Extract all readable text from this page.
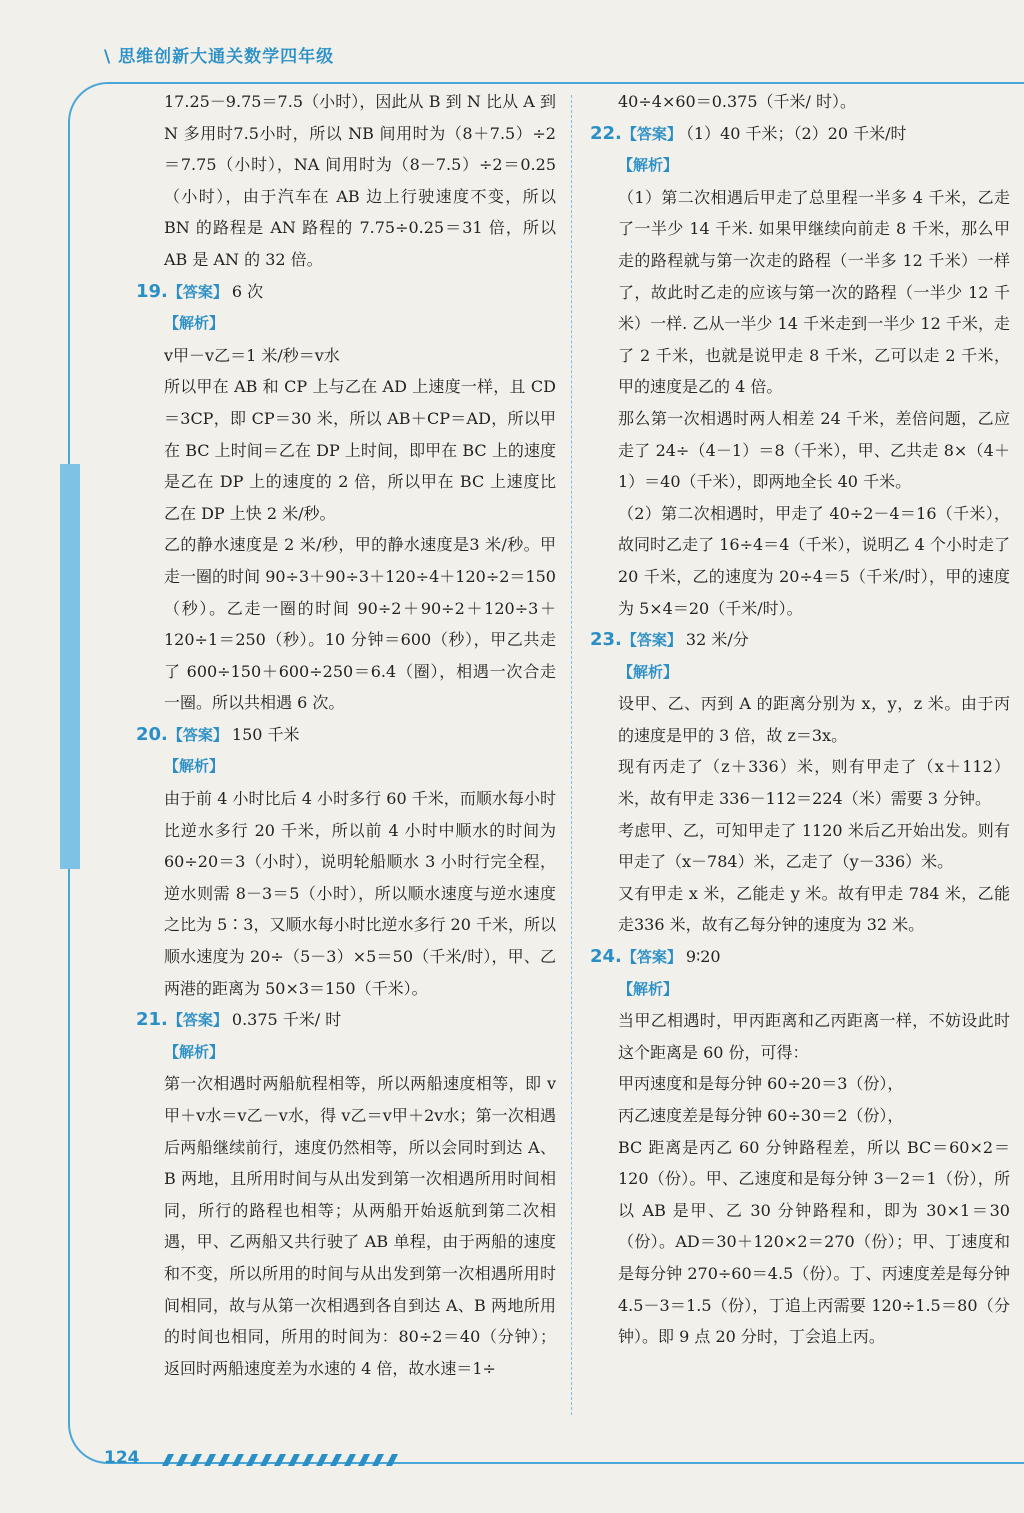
\ 思维创新大通关数学四年级

17.25－9.75＝7.5（小时），因此从 B 到 N 比从 A 到 N 多用时7.5小时，所以 NB 间用时为（8＋7.5）÷2＝7.75（小时），NA 间用时为（8－7.5）÷2＝0.25（小时），由于汽车在 AB 边上行驶速度不变，所以 BN 的路程是 AN 路程的 7.75÷0.25＝31 倍，所以 AB 是 AN 的 32 倍。

19.【答案】 6 次

【解析】

v甲－v乙＝1 米/秒＝v水

所以甲在 AB 和 CP 上与乙在 AD 上速度一样，且 CD＝3CP，即 CP＝30 米，所以 AB＋CP＝AD，所以甲在 BC 上时间＝乙在 DP 上时间，即甲在 BC 上的速度是乙在 DP 上的速度的 2 倍，所以甲在 BC 上速度比乙在 DP 上快 2 米/秒。

乙的静水速度是 2 米/秒，甲的静水速度是3 米/秒。甲走一圈的时间 90÷3＋90÷3＋120÷4＋120÷2＝150（秒）。乙走一圈的时间 90÷2＋90÷2＋120÷3＋120÷1＝250（秒）。10 分钟＝600（秒），甲乙共走了 600÷150＋600÷250＝6.4（圈），相遇一次合走一圈。所以共相遇 6 次。

20.【答案】 150 千米

【解析】

由于前 4 小时比后 4 小时多行 60 千米，而顺水每小时比逆水多行 20 千米，所以前 4 小时中顺水的时间为 60÷20＝3（小时），说明轮船顺水 3 小时行完全程，逆水则需 8－3＝5（小时），所以顺水速度与逆水速度之比为 5∶3，又顺水每小时比逆水多行 20 千米，所以顺水速度为 20÷（5－3）×5＝50（千米/时），甲、乙两港的距离为 50×3＝150（千米）。

21.【答案】 0.375 千米/ 时

【解析】

第一次相遇时两船航程相等，所以两船速度相等，即 v甲＋v水＝v乙－v水，得 v乙＝v甲＋2v水；第一次相遇后两船继续前行，速度仍然相等，所以会同时到达 A、B 两地，且所用时间与从出发到第一次相遇所用时间相同，所行的路程也相等；从两船开始返航到第二次相遇，甲、乙两船又共行驶了 AB 单程，由于两船的速度和不变，所以所用的时间与从出发到第一次相遇所用时间相同，故与从第一次相遇到各自到达 A、B 两地所用的时间也相同，所用的时间为：80÷2＝40（分钟）；返回时两船速度差为水速的 4 倍，故水速＝1÷

40÷4×60＝0.375（千米/ 时）。

22.【答案】 （1）40 千米；（2）20 千米/时

【解析】

（1）第二次相遇后甲走了总里程一半多 4 千米，乙走了一半少 14 千米. 如果甲继续向前走 8 千米，那么甲走的路程就与第一次走的路程（一半多 12 千米）一样了，故此时乙走的应该与第一次的路程（一半少 12 千米）一样. 乙从一半少 14 千米走到一半少 12 千米，走了 2 千米，也就是说甲走 8 千米，乙可以走 2 千米，甲的速度是乙的 4 倍。

那么第一次相遇时两人相差 24 千米，差倍问题，乙应走了 24÷（4－1）＝8（千米），甲、乙共走 8×（4＋1）＝40（千米），即两地全长 40 千米。

（2）第二次相遇时，甲走了 40÷2－4＝16（千米），故同时乙走了 16÷4＝4（千米），说明乙 4 个小时走了 20 千米，乙的速度为 20÷4＝5（千米/时），甲的速度为 5×4＝20（千米/时）。

23.【答案】 32 米/分

【解析】

设甲、乙、丙到 A 的距离分别为 x，y，z 米。由于丙的速度是甲的 3 倍，故 z＝3x。

现有丙走了（z＋336）米，则有甲走了（x＋112）米，故有甲走 336－112＝224（米）需要 3 分钟。

考虑甲、乙，可知甲走了 1120 米后乙开始出发。则有甲走了（x－784）米，乙走了（y－336）米。

又有甲走 x 米，乙能走 y 米。故有甲走 784 米，乙能走336 米，故有乙每分钟的速度为 32 米。

24.【答案】 9∶20

【解析】

当甲乙相遇时，甲丙距离和乙丙距离一样，不妨设此时这个距离是 60 份，可得：

甲丙速度和是每分钟 60÷20＝3（份），

丙乙速度差是每分钟 60÷30＝2（份），

BC 距离是丙乙 60 分钟路程差，所以 BC＝60×2＝120（份）。甲、乙速度和是每分钟 3－2＝1（份），所以 AB 是甲、乙 30 分钟路程和，即为 30×1＝30（份）。AD＝30＋120×2＝270（份）；甲、丁速度和是每分钟 270÷60＝4.5（份）。丁、丙速度差是每分钟 4.5－3＝1.5（份），丁追上丙需要 120÷1.5＝80（分钟）。即 9 点 20 分时，丁会追上丙。

124
